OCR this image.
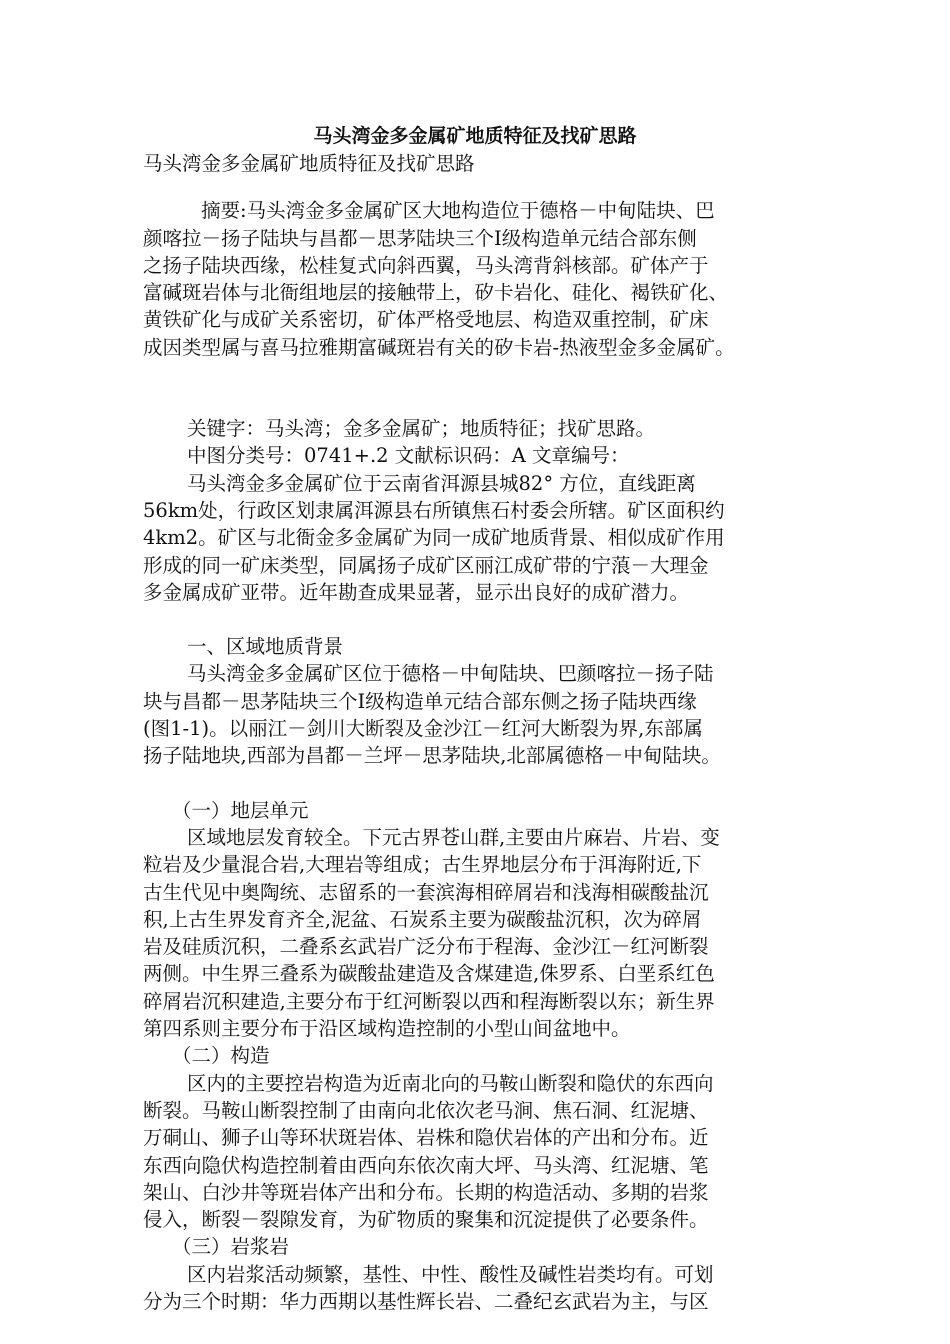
马头湾金多金属矿地质特征及找矿思路
马头湾金多金属矿地质特征及找矿思路
摘要:马头湾金多金属矿区大地构造位于德格－中甸陆块、巴
颜喀拉－扬子陆块与昌都－思茅陆块三个Ⅰ级构造单元结合部东侧
之扬子陆块西缘，松桂复式向斜西翼，马头湾背斜核部。矿体产于
富碱斑岩体与北衙组地层的接触带上，矽卡岩化、硅化、褐铁矿化、
黄铁矿化与成矿关系密切，矿体严格受地层、构造双重控制，矿床
成因类型属与喜马拉雅期富碱斑岩有关的矽卡岩-热液型金多金属矿。
关键字：马头湾；金多金属矿；地质特征；找矿思路。
中图分类号：0741+.2 文献标识码：A 文章编号：
马头湾金多金属矿位于云南省洱源县城82° 方位，直线距离
56km处，行政区划隶属洱源县右所镇焦石村委会所辖。矿区面积约
4km2。矿区与北衙金多金属矿为同一成矿地质背景、相似成矿作用
形成的同一矿床类型，同属扬子成矿区丽江成矿带的宁蒗－大理金
多金属成矿亚带。近年勘查成果显著，显示出良好的成矿潜力。
一、区域地质背景
马头湾金多金属矿区位于德格－中甸陆块、巴颜喀拉－扬子陆
块与昌都－思茅陆块三个Ⅰ级构造单元结合部东侧之扬子陆块西缘
(图1-1)。以丽江－剑川大断裂及金沙江－红河大断裂为界,东部属
扬子陆地块,西部为昌都－兰坪－思茅陆块,北部属德格－中甸陆块。
（一）地层单元
区域地层发育较全。下元古界苍山群,主要由片麻岩、片岩、变
粒岩及少量混合岩,大理岩等组成；古生界地层分布于洱海附近,下
古生代见中奥陶统、志留系的一套滨海相碎屑岩和浅海相碳酸盐沉
积,上古生界发育齐全,泥盆、石炭系主要为碳酸盐沉积，次为碎屑
岩及硅质沉积，二叠系玄武岩广泛分布于程海、金沙江－红河断裂
两侧。中生界三叠系为碳酸盐建造及含煤建造,侏罗系、白垩系红色
碎屑岩沉积建造,主要分布于红河断裂以西和程海断裂以东；新生界
第四系则主要分布于沿区域构造控制的小型山间盆地中。
（二）构造
区内的主要控岩构造为近南北向的马鞍山断裂和隐伏的东西向
断裂。马鞍山断裂控制了由南向北依次老马涧、焦石洞、红泥塘、
万硐山、狮子山等环状斑岩体、岩株和隐伏岩体的产出和分布。近
东西向隐伏构造控制着由西向东依次南大坪、马头湾、红泥塘、笔
架山、白沙井等斑岩体产出和分布。长期的构造活动、多期的岩浆
侵入，断裂－裂隙发育，为矿物质的聚集和沉淀提供了必要条件。
（三）岩浆岩
区内岩浆活动频繁，基性、中性、酸性及碱性岩类均有。可划
分为三个时期：华力西期以基性辉长岩、二叠纪玄武岩为主，与区
